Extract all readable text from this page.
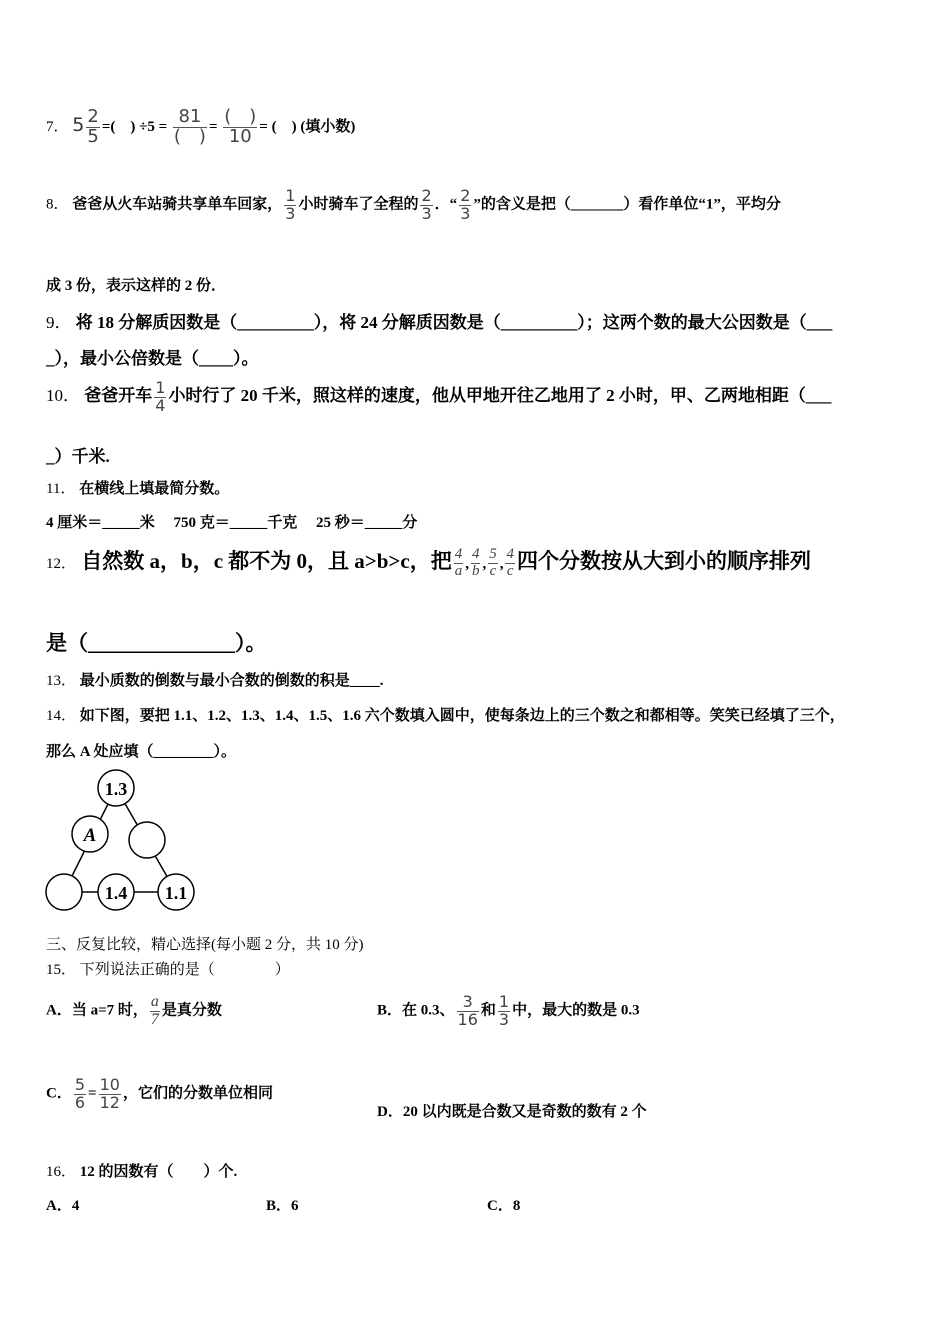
7． $5 \frac{2}{5}$ =(　) $\div 5 = \frac{81}{( )} = \frac{( )}{10}$ = (　) (填小数)
8． 爸爸从火车站骑共享单车回家， $\frac{1}{3}$ 小时骑车了全程的 $\frac{2}{3}$ ．“ $\frac{2}{3}$ ”的含义是把（_______）看作单位“1”，平均分
成 3 份，表示这样的 2 份．
9． 将 18 分解质因数是（_________），将 24 分解质因数是（_________）；这两个数的最大公因数是（___
_），最小公倍数是（____）。
10． 爸爸开车 $\frac{1}{4}$ 小时行了 20 千米，照这样的速度，他从甲地开往乙地用了 2 小时，甲、乙两地相距（___
_）千米.
11． 在横线上填最简分数。
4 厘米＝_____米　 750 克＝_____千克　 25 秒＝_____分
12． 自然数 a，b，c 都不为 0，且 a>b>c，把 $\frac{4}{a}$ , $\frac{4}{b}$ , $\frac{5}{c}$ , $\frac{4}{c}$ 四个分数按从大到小的顺序排列
是（______________）。
13． 最小质数的倒数与最小合数的倒数的积是____.
14． 如下图，要把 1.1、1.2、1.3、1.4、1.5、1.6 六个数填入圆中，使每条边上的三个数之和都相等。笑笑已经填了三个，
那么 A 处应填（________）。
1.3
A
1.4 1.1
三、反复比较，精心选择(每小题 2 分，共 10 分)
15． 下列说法正确的是（　　　　）
A．当 a=7 时， $\frac{a}{7}$ 是真分数	B．在 0.3、 $\frac{3}{16}$ 和 $\frac{1}{3}$ 中，最大的数是 0.3
C． $\frac{5}{6} = \frac{10}{12}$ ，它们的分数单位相同
D．20 以内既是合数又是奇数的数有 2 个
16． 12 的因数有（　　）个.
A．4	B．6	C．8
